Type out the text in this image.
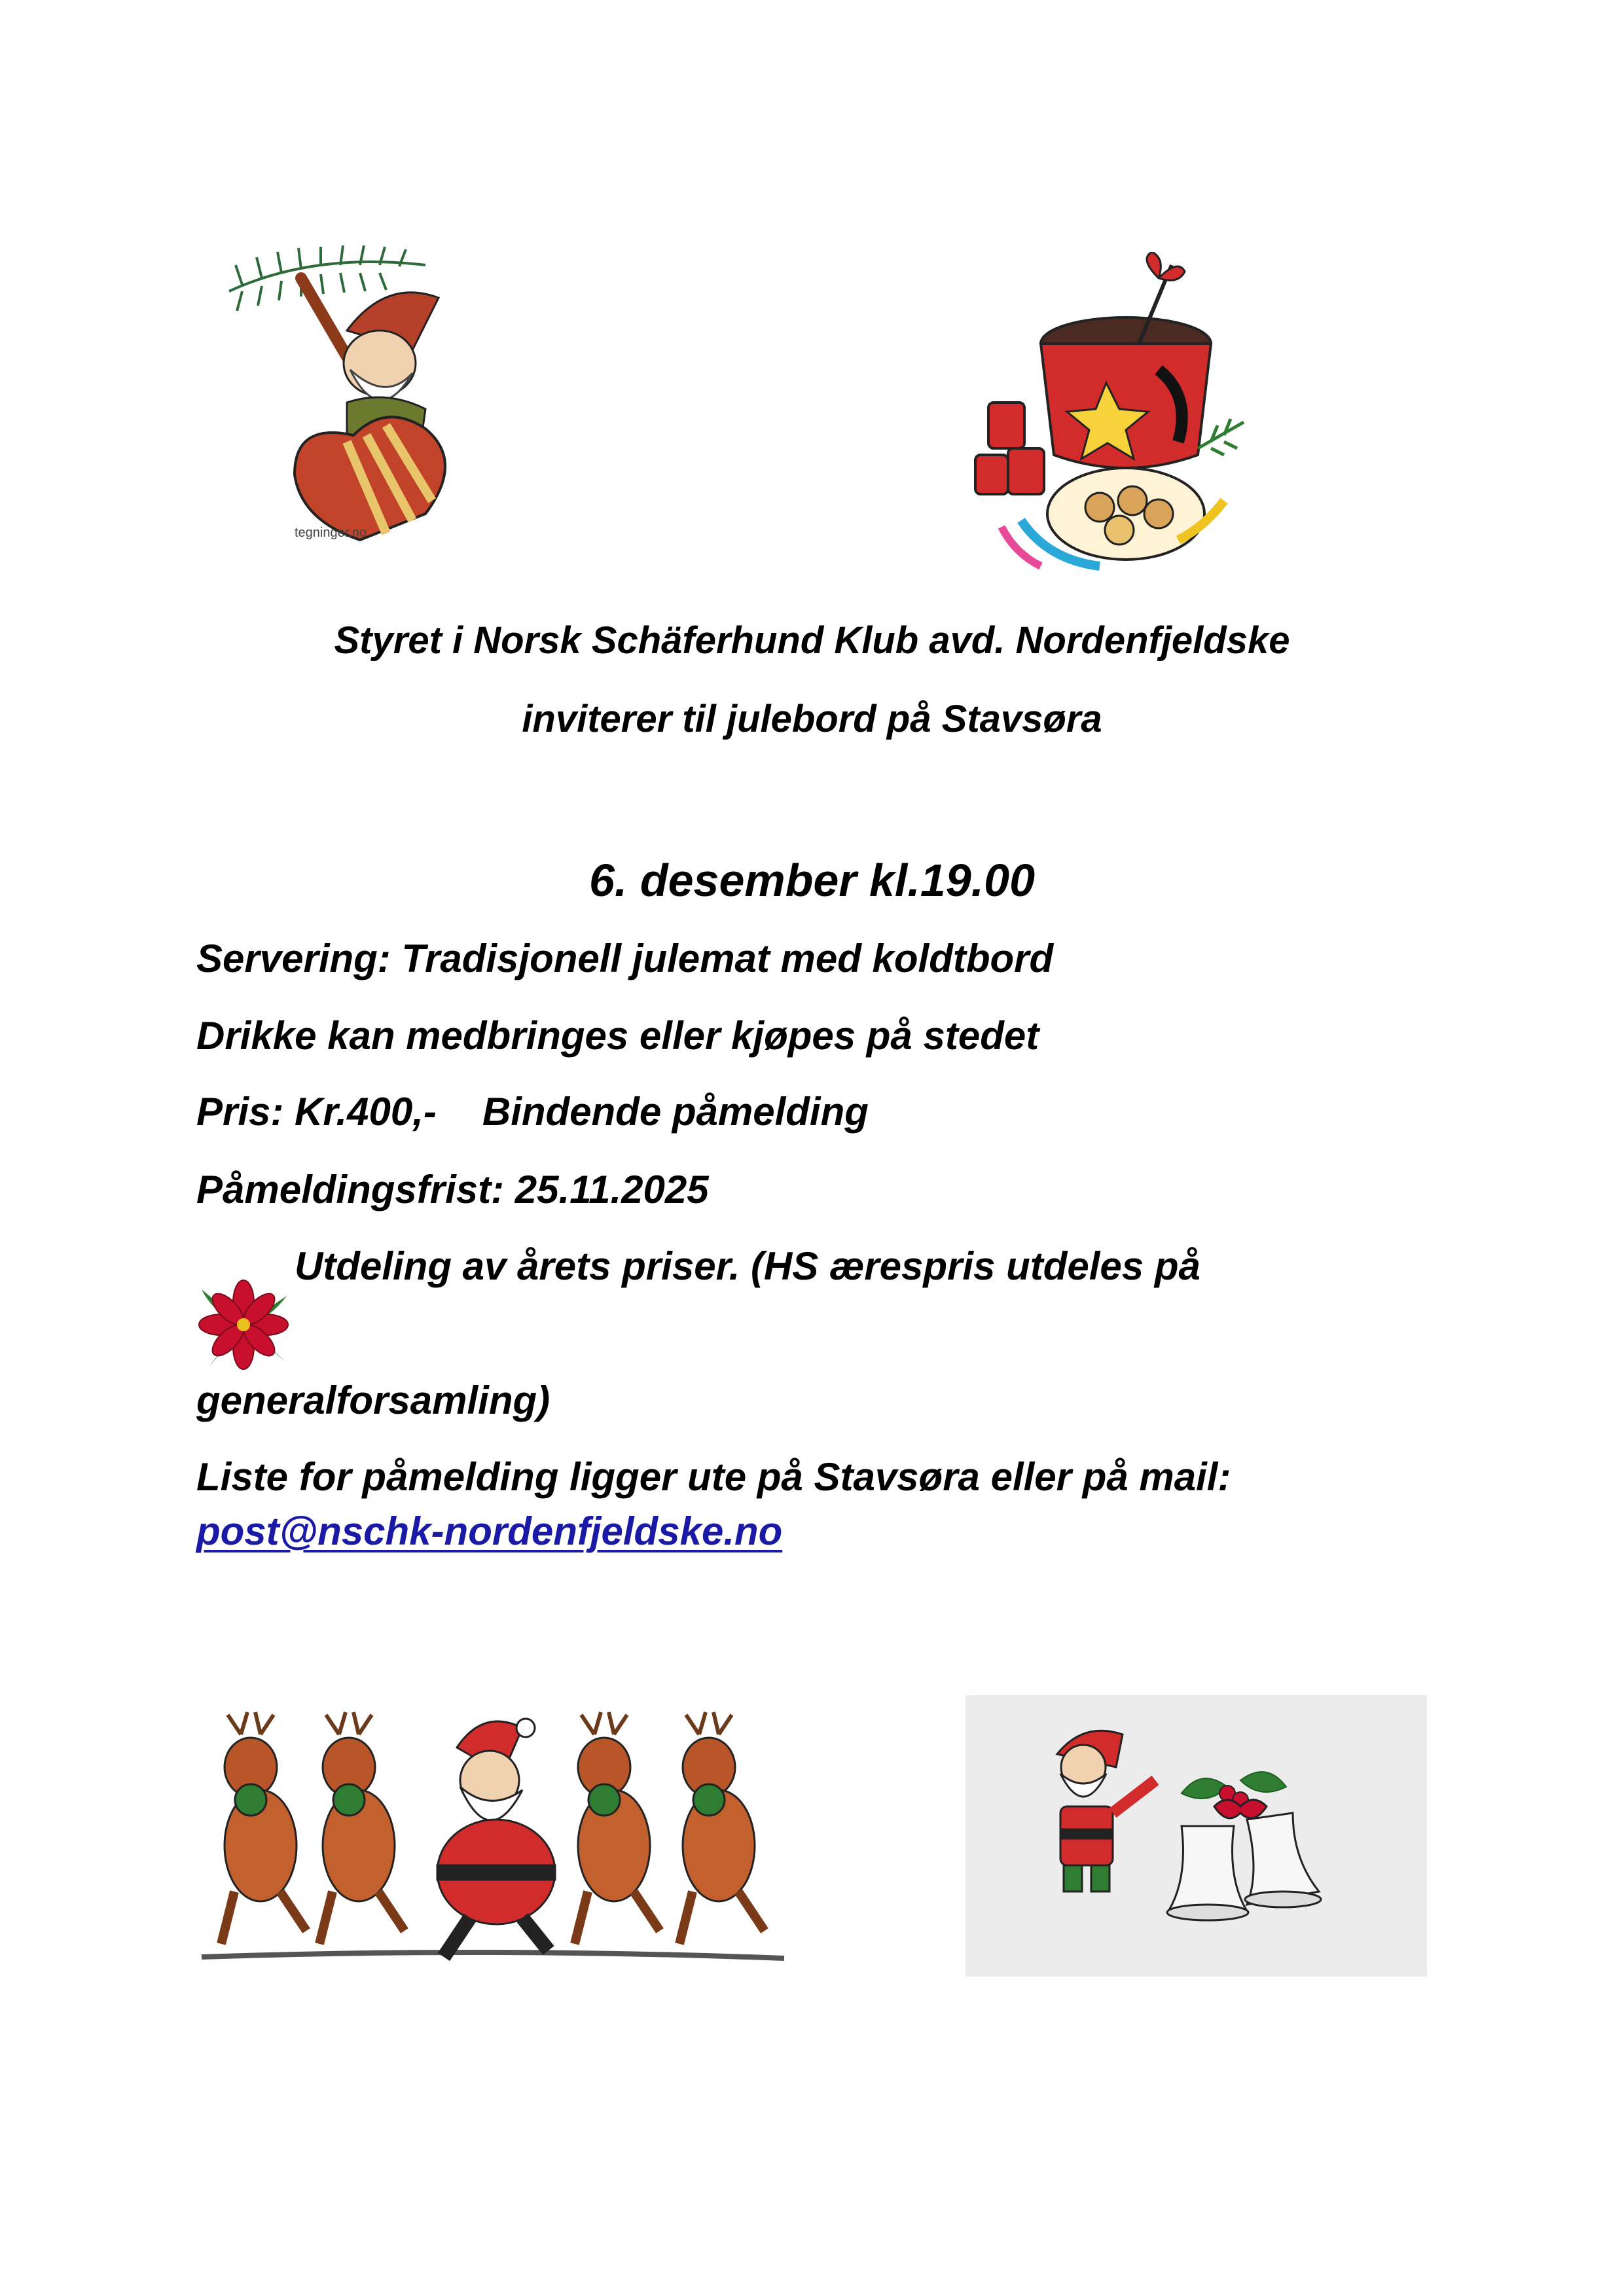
tegninger.no

Styret i Norsk Schäferhund Klub avd. Nordenfjeldske

inviterer til julebord på Stavsøra

6. desember kl.19.00

Servering: Tradisjonell julemat med koldtbord

Drikke kan medbringes eller kjøpes på stedet

Pris: Kr.400,- Bindende påmelding

Påmeldingsfrist: 25.11.2025

Utdeling av årets priser. (HS ærespris utdeles på

generalforsamling)

Liste for påmelding ligger ute på Stavsøra eller på mail:

post@nschk-nordenfjeldske.no
